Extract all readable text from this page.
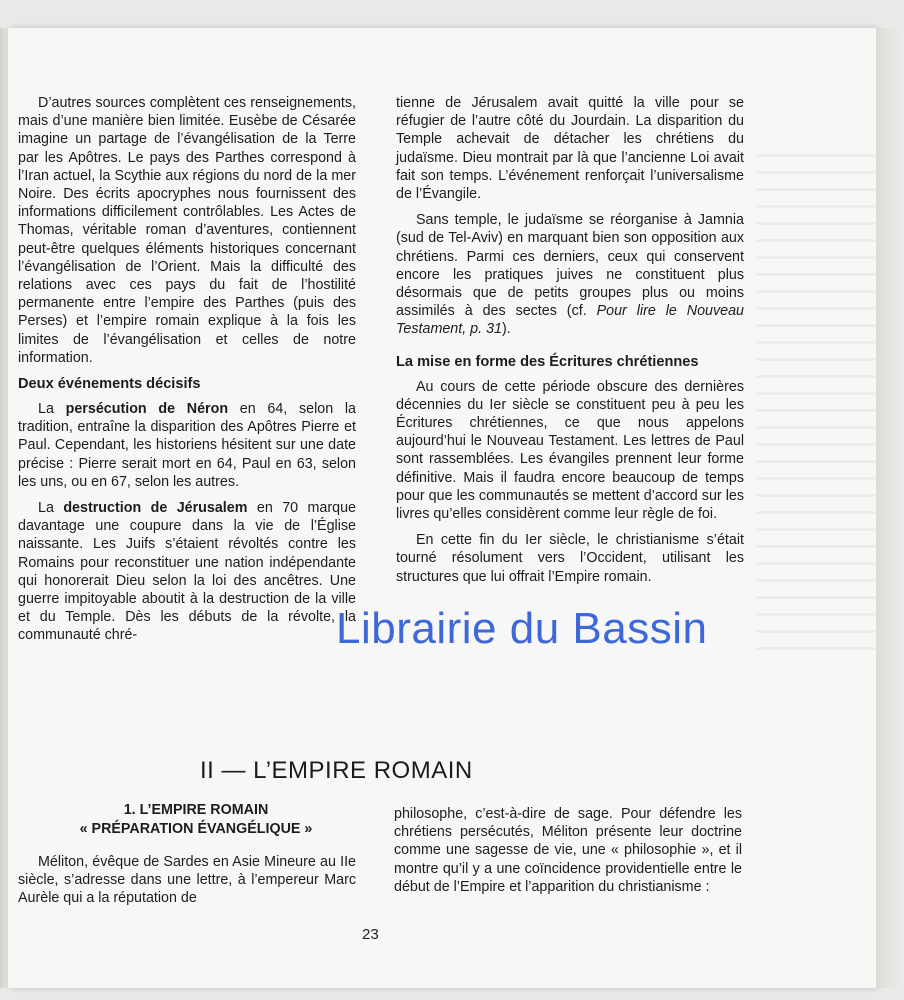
D’autres sources complètent ces renseignements, mais d’une manière bien limitée. Eusèbe de Césarée imagine un partage de l’évangélisation de la Terre par les Apôtres. Le pays des Parthes correspond à l’Iran actuel, la Scythie aux régions du nord de la mer Noire. Des écrits apocryphes nous fournissent des informations difficilement contrôlables. Les Actes de Thomas, véritable roman d’aventures, contiennent peut-être quelques éléments historiques concernant l’évangélisation de l’Orient. Mais la difficulté des relations avec ces pays du fait de l’hostilité permanente entre l’empire des Parthes (puis des Perses) et l’empire romain explique à la fois les limites de l’évangélisation et celles de notre information.

Deux événements décisifs

La persécution de Néron en 64, selon la tradition, entraîne la disparition des Apôtres Pierre et Paul. Cependant, les historiens hésitent sur une date précise : Pierre serait mort en 64, Paul en 63, selon les uns, ou en 67, selon les autres.

La destruction de Jérusalem en 70 marque davantage une coupure dans la vie de l’Église naissante. Les Juifs s’étaient révoltés contre les Romains pour reconstituer une nation indépendante qui honorerait Dieu selon la loi des ancêtres. Une guerre impitoyable aboutit à la destruction de la ville et du Temple. Dès les débuts de la révolte, la communauté chré-

tienne de Jérusalem avait quitté la ville pour se réfugier de l’autre côté du Jourdain. La disparition du Temple achevait de détacher les chrétiens du judaïsme. Dieu montrait par là que l’ancienne Loi avait fait son temps. L’événement renforçait l’universalisme de l’Évangile.

Sans temple, le judaïsme se réorganise à Jamnia (sud de Tel-Aviv) en marquant bien son opposition aux chrétiens. Parmi ces derniers, ceux qui conservent encore les pratiques juives ne constituent plus désormais que de petits groupes plus ou moins assimilés à des sectes (cf. Pour lire le Nouveau Testament, p. 31).

La mise en forme des Écritures chrétiennes

Au cours de cette période obscure des dernières décennies du Ier siècle se constituent peu à peu les Écritures chrétiennes, ce que nous appelons aujourd’hui le Nouveau Testament. Les lettres de Paul sont rassemblées. Les évangiles prennent leur forme définitive. Mais il faudra encore beaucoup de temps pour que les communautés se mettent d’accord sur les livres qu’elles considèrent comme leur règle de foi.

En cette fin du Ier siècle, le christianisme s’était tourné résolument vers l’Occident, utilisant les structures que lui offrait l’Empire romain.

II — L’EMPIRE ROMAIN
1. L’EMPIRE ROMAIN
« PRÉPARATION ÉVANGÉLIQUE »

Méliton, évêque de Sardes en Asie Mineure au IIe siècle, s’adresse dans une lettre, à l’empereur Marc Aurèle qui a la réputation de

philosophe, c’est-à-dire de sage. Pour défendre les chrétiens persécutés, Méliton présente leur doctrine comme une sagesse de vie, une « philosophie », et il montre qu’il y a une coïncidence providentielle entre le début de l’Empire et l’apparition du christianisme :

23
Librairie du Bassin
